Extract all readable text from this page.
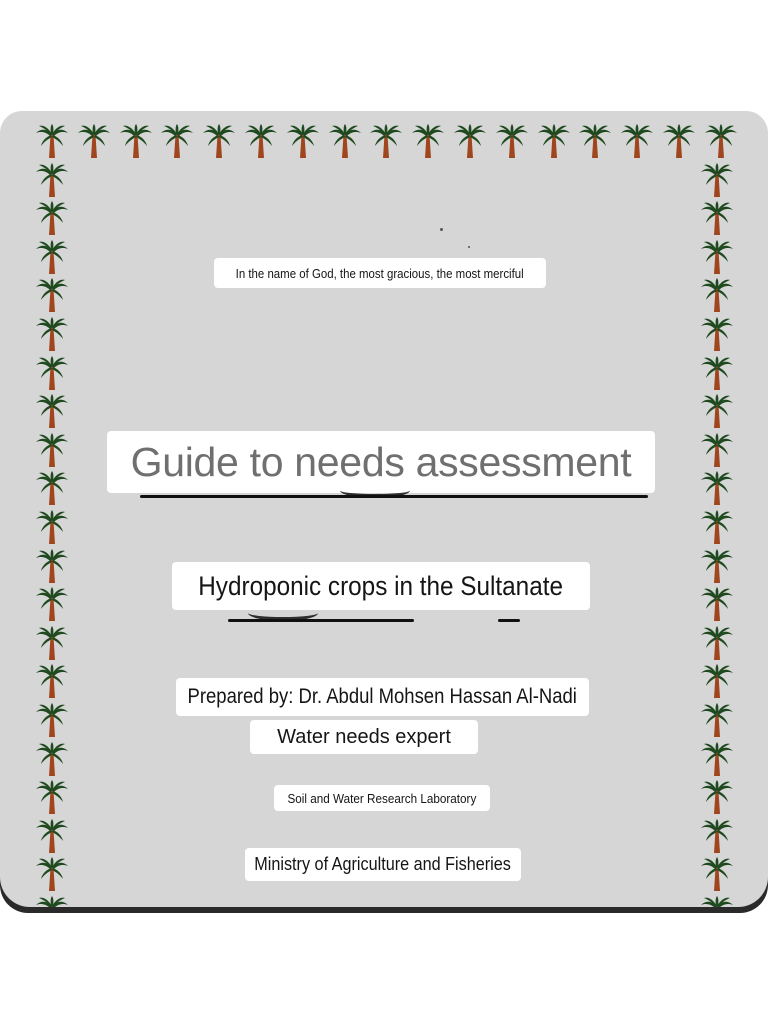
In the name of God, the most gracious, the most merciful
Guide to needs assessment
Hydroponic crops in the Sultanate
Prepared by: Dr. Abdul Mohsen Hassan Al-Nadi
Water needs expert
Soil and Water Research Laboratory
Ministry of Agriculture and Fisheries
